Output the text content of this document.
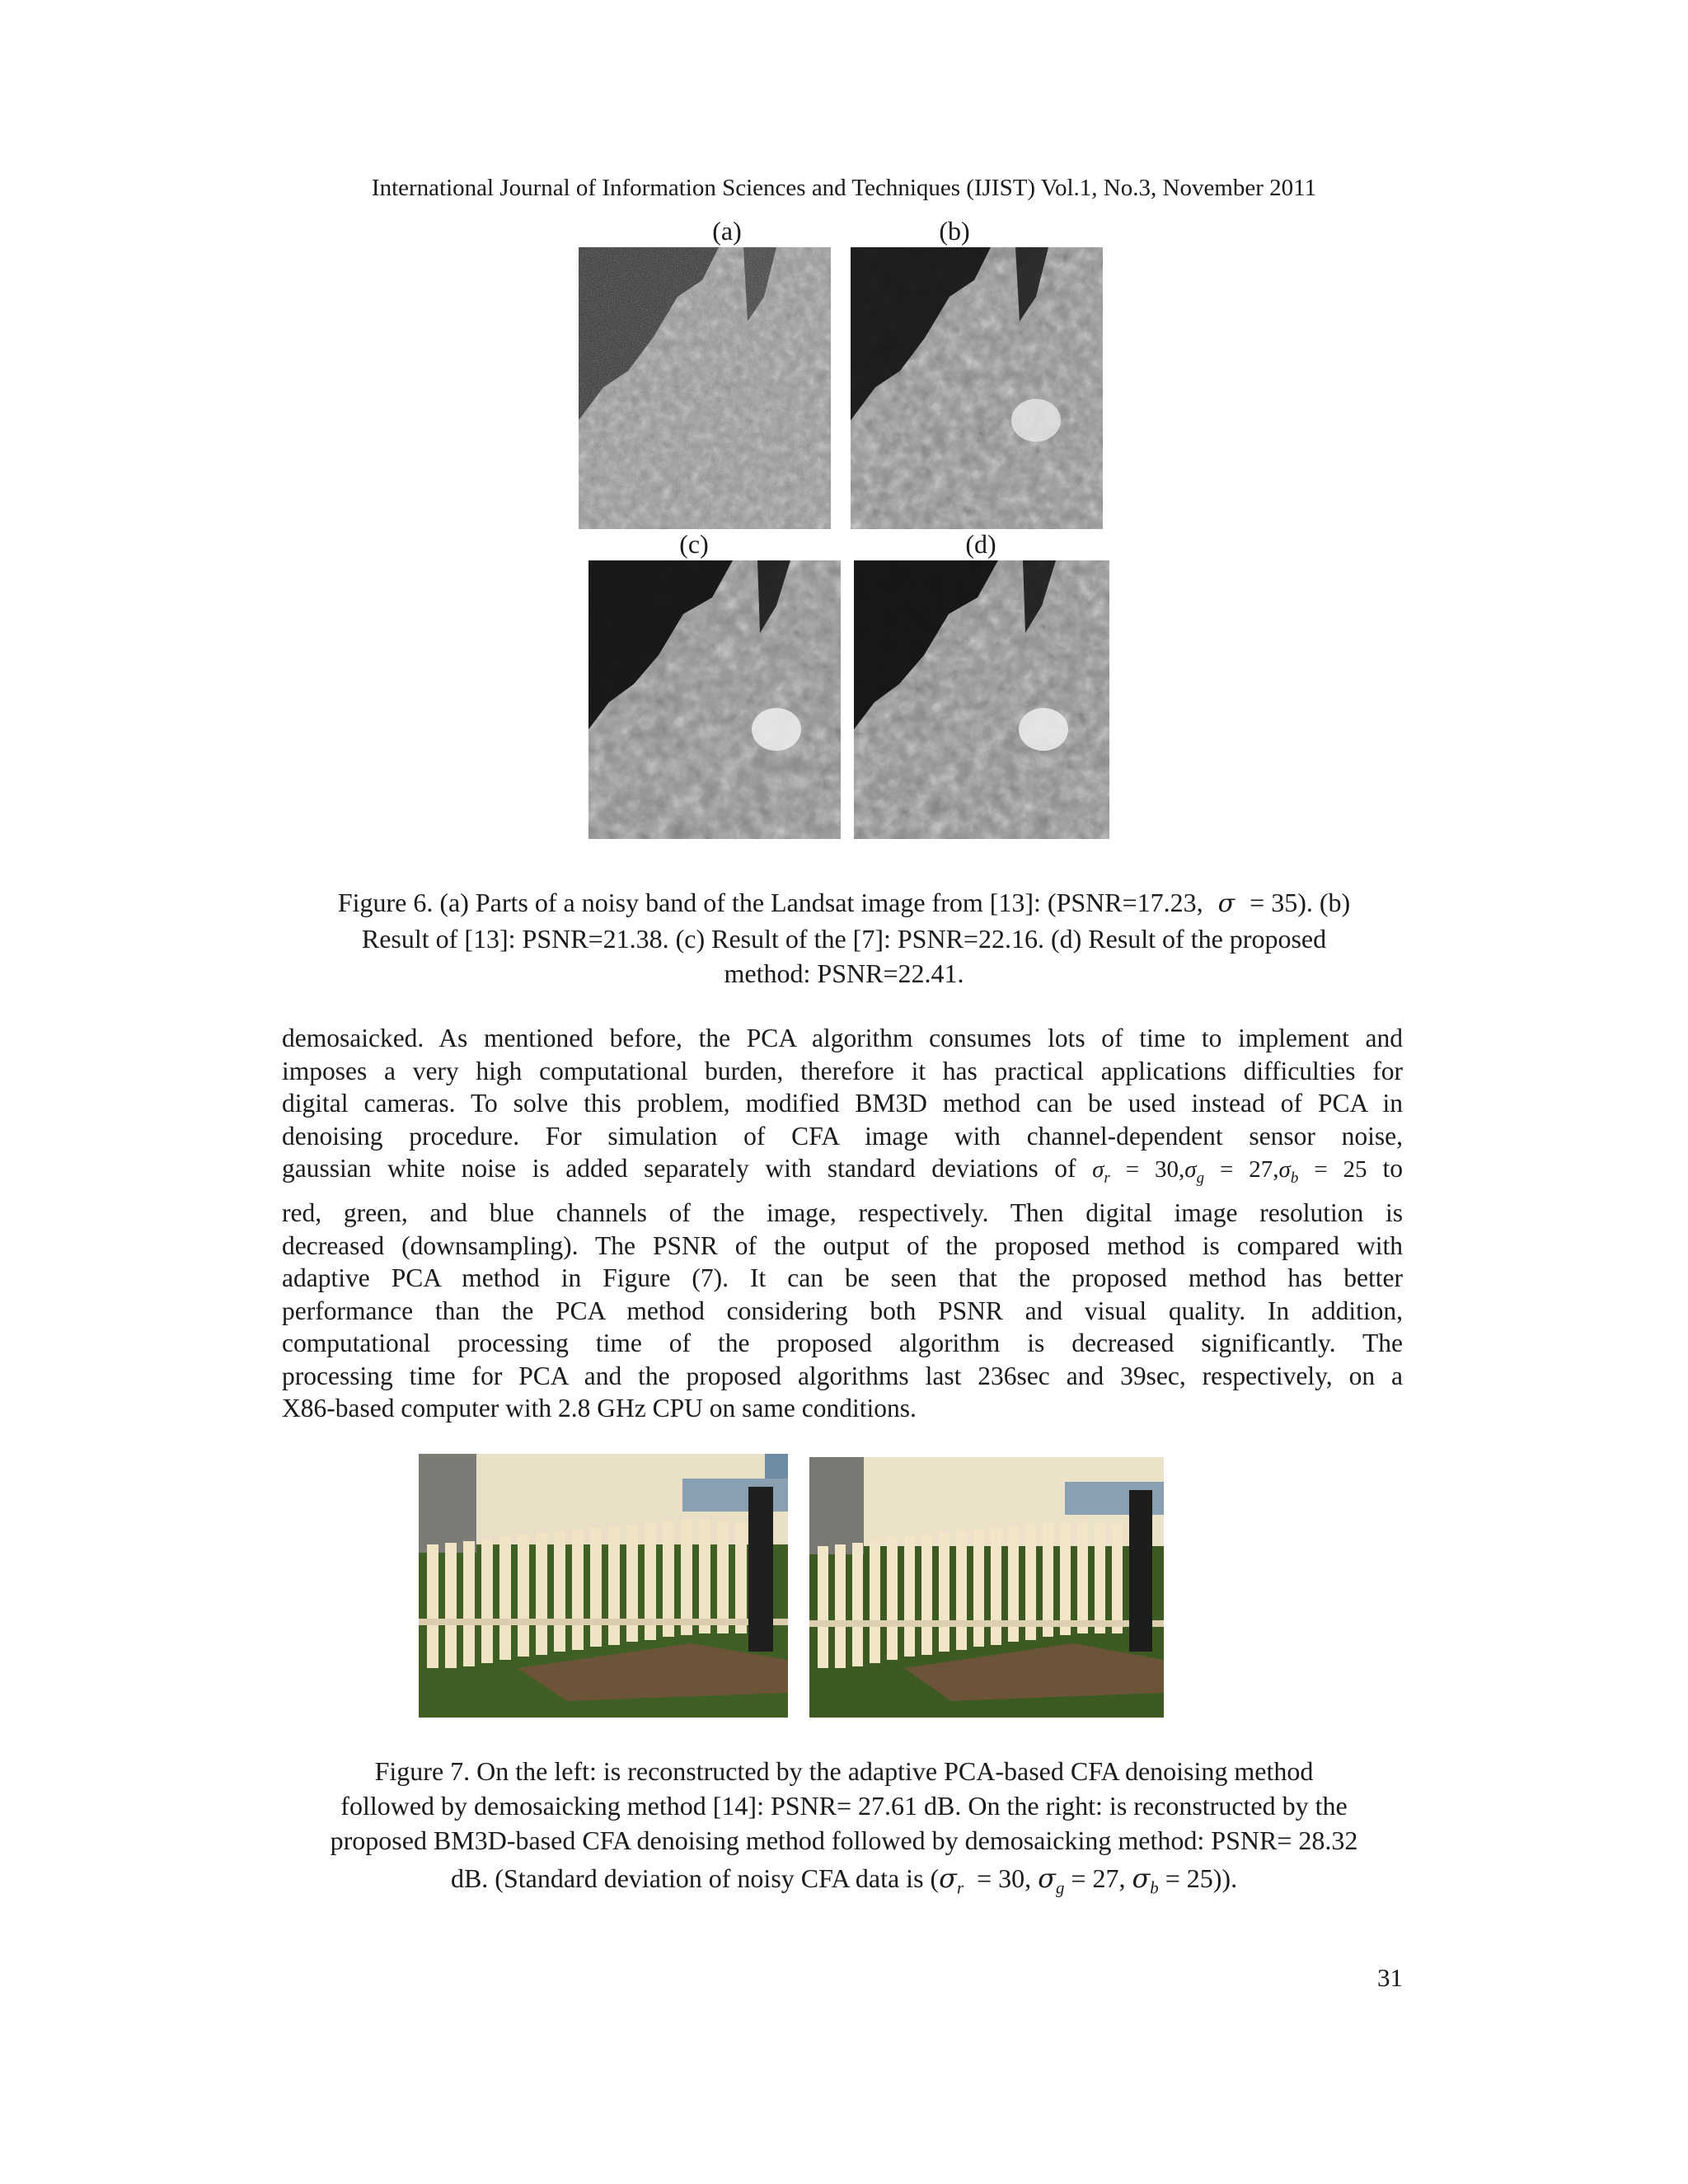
International Journal of Information Sciences and Techniques (IJIST) Vol.1, No.3, November 2011
(a)	(b)
(c)	(d)
Figure 6. (a) Parts of a noisy band of the Landsat image from [13]: (PSNR=17.23, σ = 35). (b)
Result of [13]: PSNR=21.38. (c) Result of the [7]: PSNR=22.16. (d) Result of the proposed
method: PSNR=22.41.
demosaicked. As mentioned before, the PCA algorithm consumes lots of time to implement and
imposes a very high computational burden, therefore it has practical applications difficulties for
digital cameras. To solve this problem, modified BM3D method can be used instead of PCA in
denoising procedure. For simulation of CFA image with channel-dependent sensor noise,
gaussian white noise is added separately with standard deviations of $\sigma_r = 30,\sigma_g = 27,\sigma_b = 25$ to
red, green, and blue channels of the image, respectively. Then digital image resolution is
decreased (downsampling). The PSNR of the output of the proposed method is compared with
adaptive PCA method in Figure (7). It can be seen that the proposed method has better
performance than the PCA method considering both PSNR and visual quality. In addition,
computational processing time of the proposed algorithm is decreased significantly. The
processing time for PCA and the proposed algorithms last 236sec and 39sec, respectively, on a
X86-based computer with 2.8 GHz CPU on same conditions.
Figure 7. On the left: is reconstructed by the adaptive PCA-based CFA denoising method
followed by demosaicking method [14]: PSNR= 27.61 dB. On the right: is reconstructed by the
proposed BM3D-based CFA denoising method followed by demosaicking method: PSNR= 28.32
dB. (Standard deviation of noisy CFA data is ($\sigma_r = 30$, $\sigma_g = 27$, $\sigma_b = 25$)).
31
